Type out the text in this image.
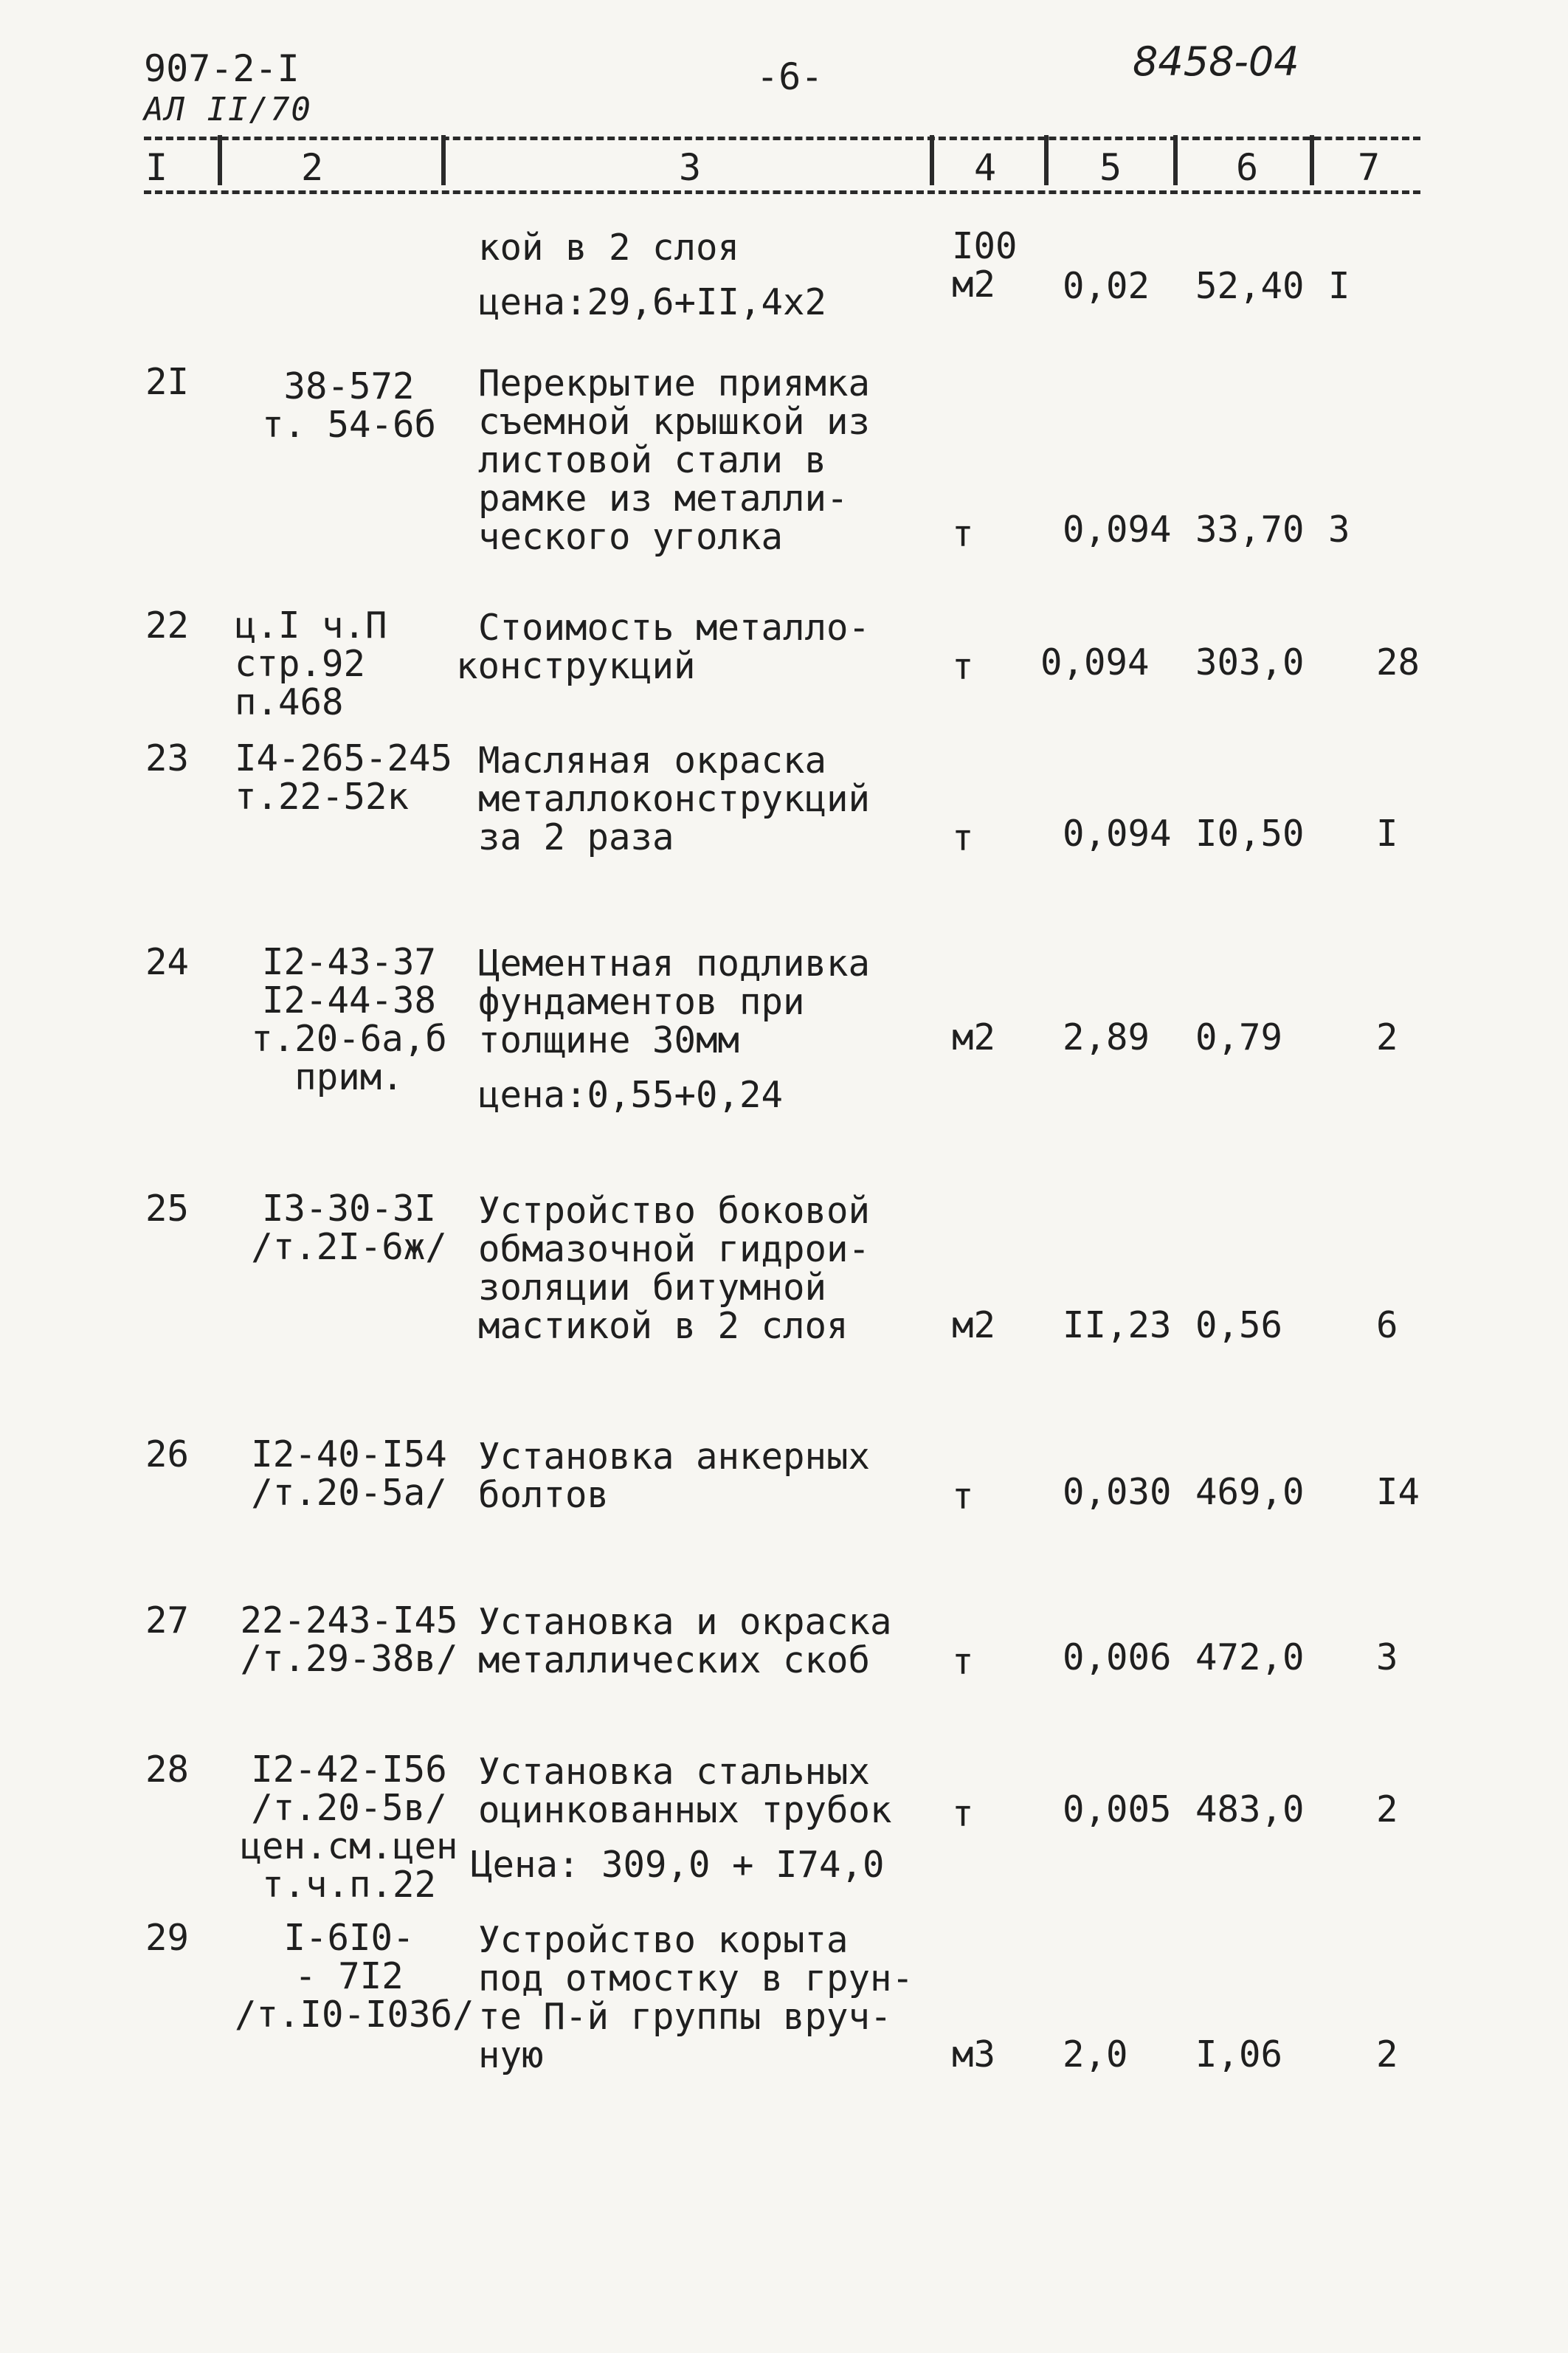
907-2-I
АЛ II/70
-6-	8458-04
I	2	3	4	5	6	7
кой в 2 слоя
цена:29,6+II,4х2
I00
м2	0,02 52,40 I
2I	38-572
т. 54-6б
Перекрытие приямка
съемной крышкой из
листовой стали в
рамке из металли-
ческого уголка	т 0,094 33,70 3
22 ц.I ч.П
стр.92
п.468
Стоимость металло-
конструкций	т 0,094 303,0 28
23 I4-265-245
т.22-52к
Масляная окраска
металлоконструкций
за 2 раза	т 0,094 I0,50 I
24	I2-43-37
I2-44-38
т.20-6а,б
прим.
Цементная подливка
фундаментов при
толщине 30мм
цена:0,55+0,24
м2 2,89 0,79	2
25	I3-30-3I
/т.2I-6ж/
Устройство боковой
обмазочной гидрои-
золяции битумной
мастикой в 2 слоя	м2 II,23 0,56	6
26	I2-40-I54
/т.20-5а/
Установка анкерных
болтов	т 0,030 469,0 I4
27 22-243-I45
/т.29-38в/
Установка и окраска
металлических скоб	т 0,006 472,0 3
28	I2-42-I56
/т.20-5в/
цен.см.цен
т.ч.п.22
Установка стальных
оцинкованных трубок
Цена: 309,0 + I74,0
т 0,005 483,0 2
29	I-6I0-
- 7I2
/т.I0-I03б/
Устройство корыта
под отмостку в грун-
те П-й группы вруч-
ную	м3 2,0 I,06	2
